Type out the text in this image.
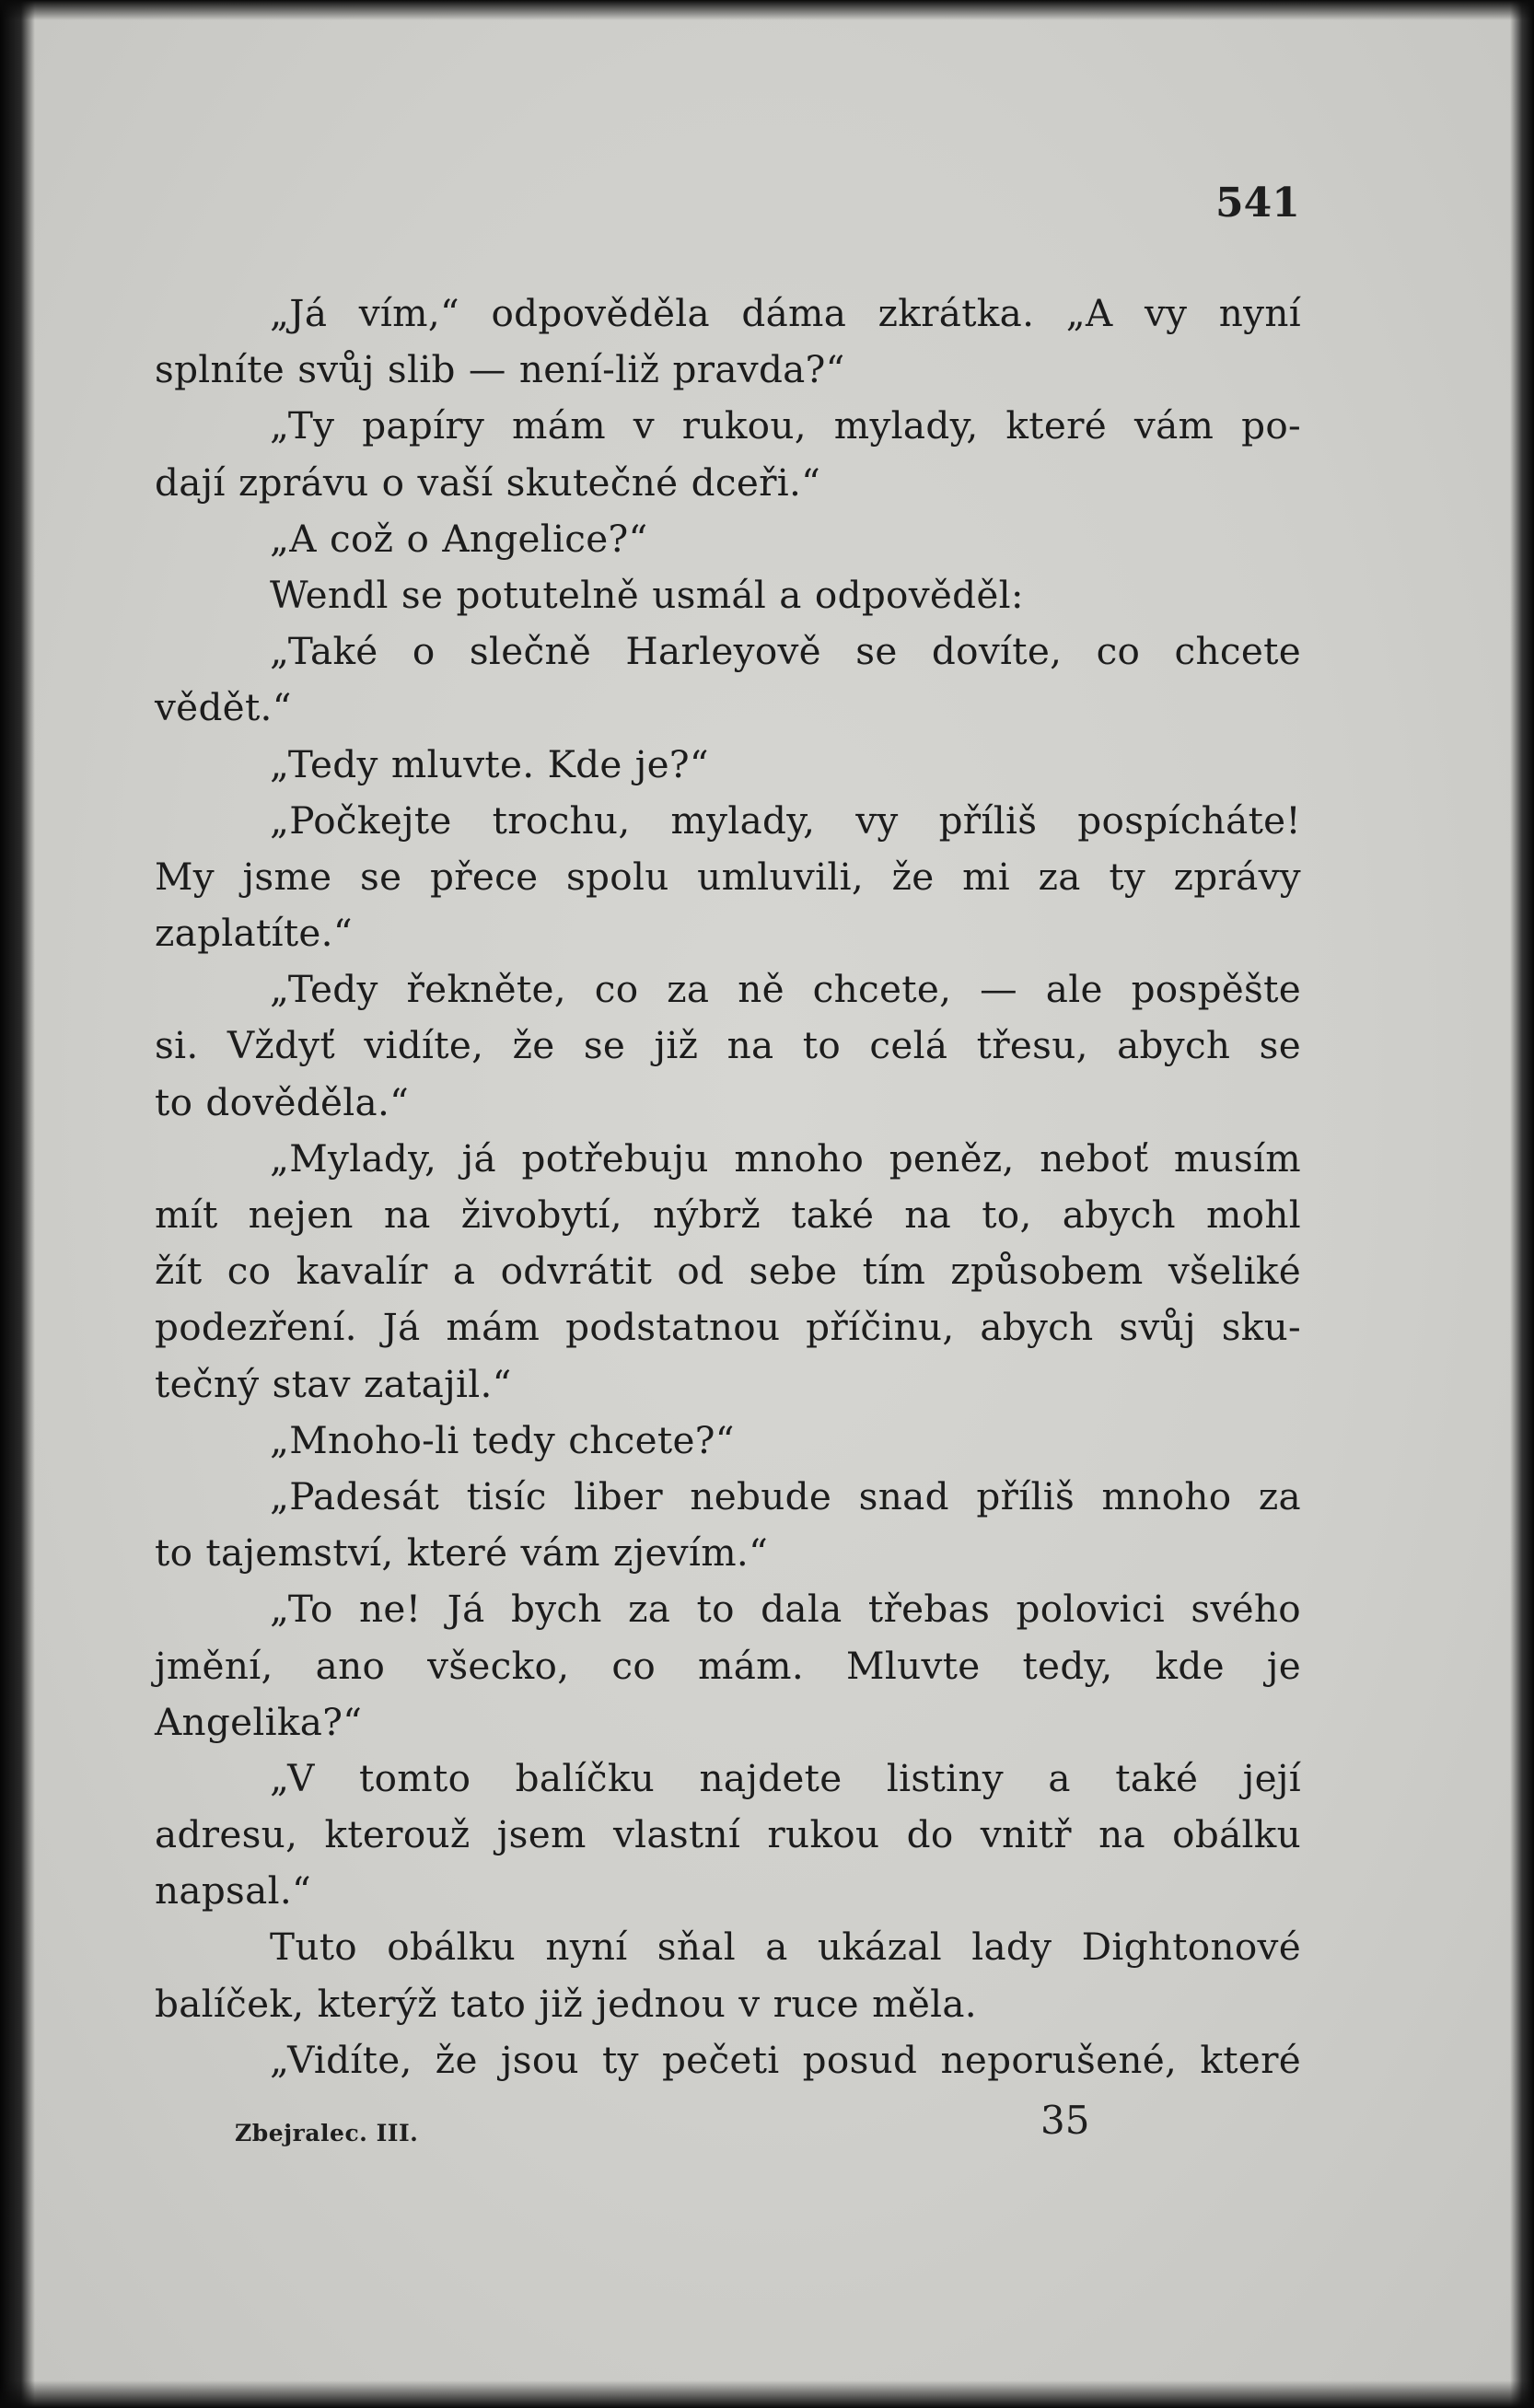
541
„Já vím,“ odpověděla dáma zkrátka. „A vy nyní
splníte svůj slib — není-liž pravda?“
„Ty papíry mám v rukou, mylady, které vám po-
dají zprávu o vaší skutečné dceři.“
„A což o Angelice?“
Wendl se potutelně usmál a odpověděl:
„Také o slečně Harleyově se dovíte, co chcete
vědět.“
„Tedy mluvte. Kde je?“
„Počkejte trochu, mylady, vy příliš pospícháte!
My jsme se přece spolu umluvili, že mi za ty zprávy
zaplatíte.“
„Tedy řekněte, co za ně chcete, — ale pospěšte
si. Vždyť vidíte, že se již na to celá třesu, abych se
to dověděla.“
„Mylady, já potřebuju mnoho peněz, neboť musím
mít nejen na živobytí, nýbrž také na to, abych mohl
žít co kavalír a odvrátit od sebe tím způsobem všeliké
podezření. Já mám podstatnou příčinu, abych svůj sku-
tečný stav zatajil.“
„Mnoho-li tedy chcete?“
„Padesát tisíc liber nebude snad příliš mnoho za
to tajemství, které vám zjevím.“
„To ne! Já bych za to dala třebas polovici svého
jmění, ano všecko, co mám. Mluvte tedy, kde je
Angelika?“
„V tomto balíčku najdete listiny a také její
adresu, kterouž jsem vlastní rukou do vnitř na obálku
napsal.“
Tuto obálku nyní sňal a ukázal lady Dightonové
balíček, kterýž tato již jednou v ruce měla.
„Vidíte, že jsou ty pečeti posud neporušené, které
Zbejralec. III.	35
